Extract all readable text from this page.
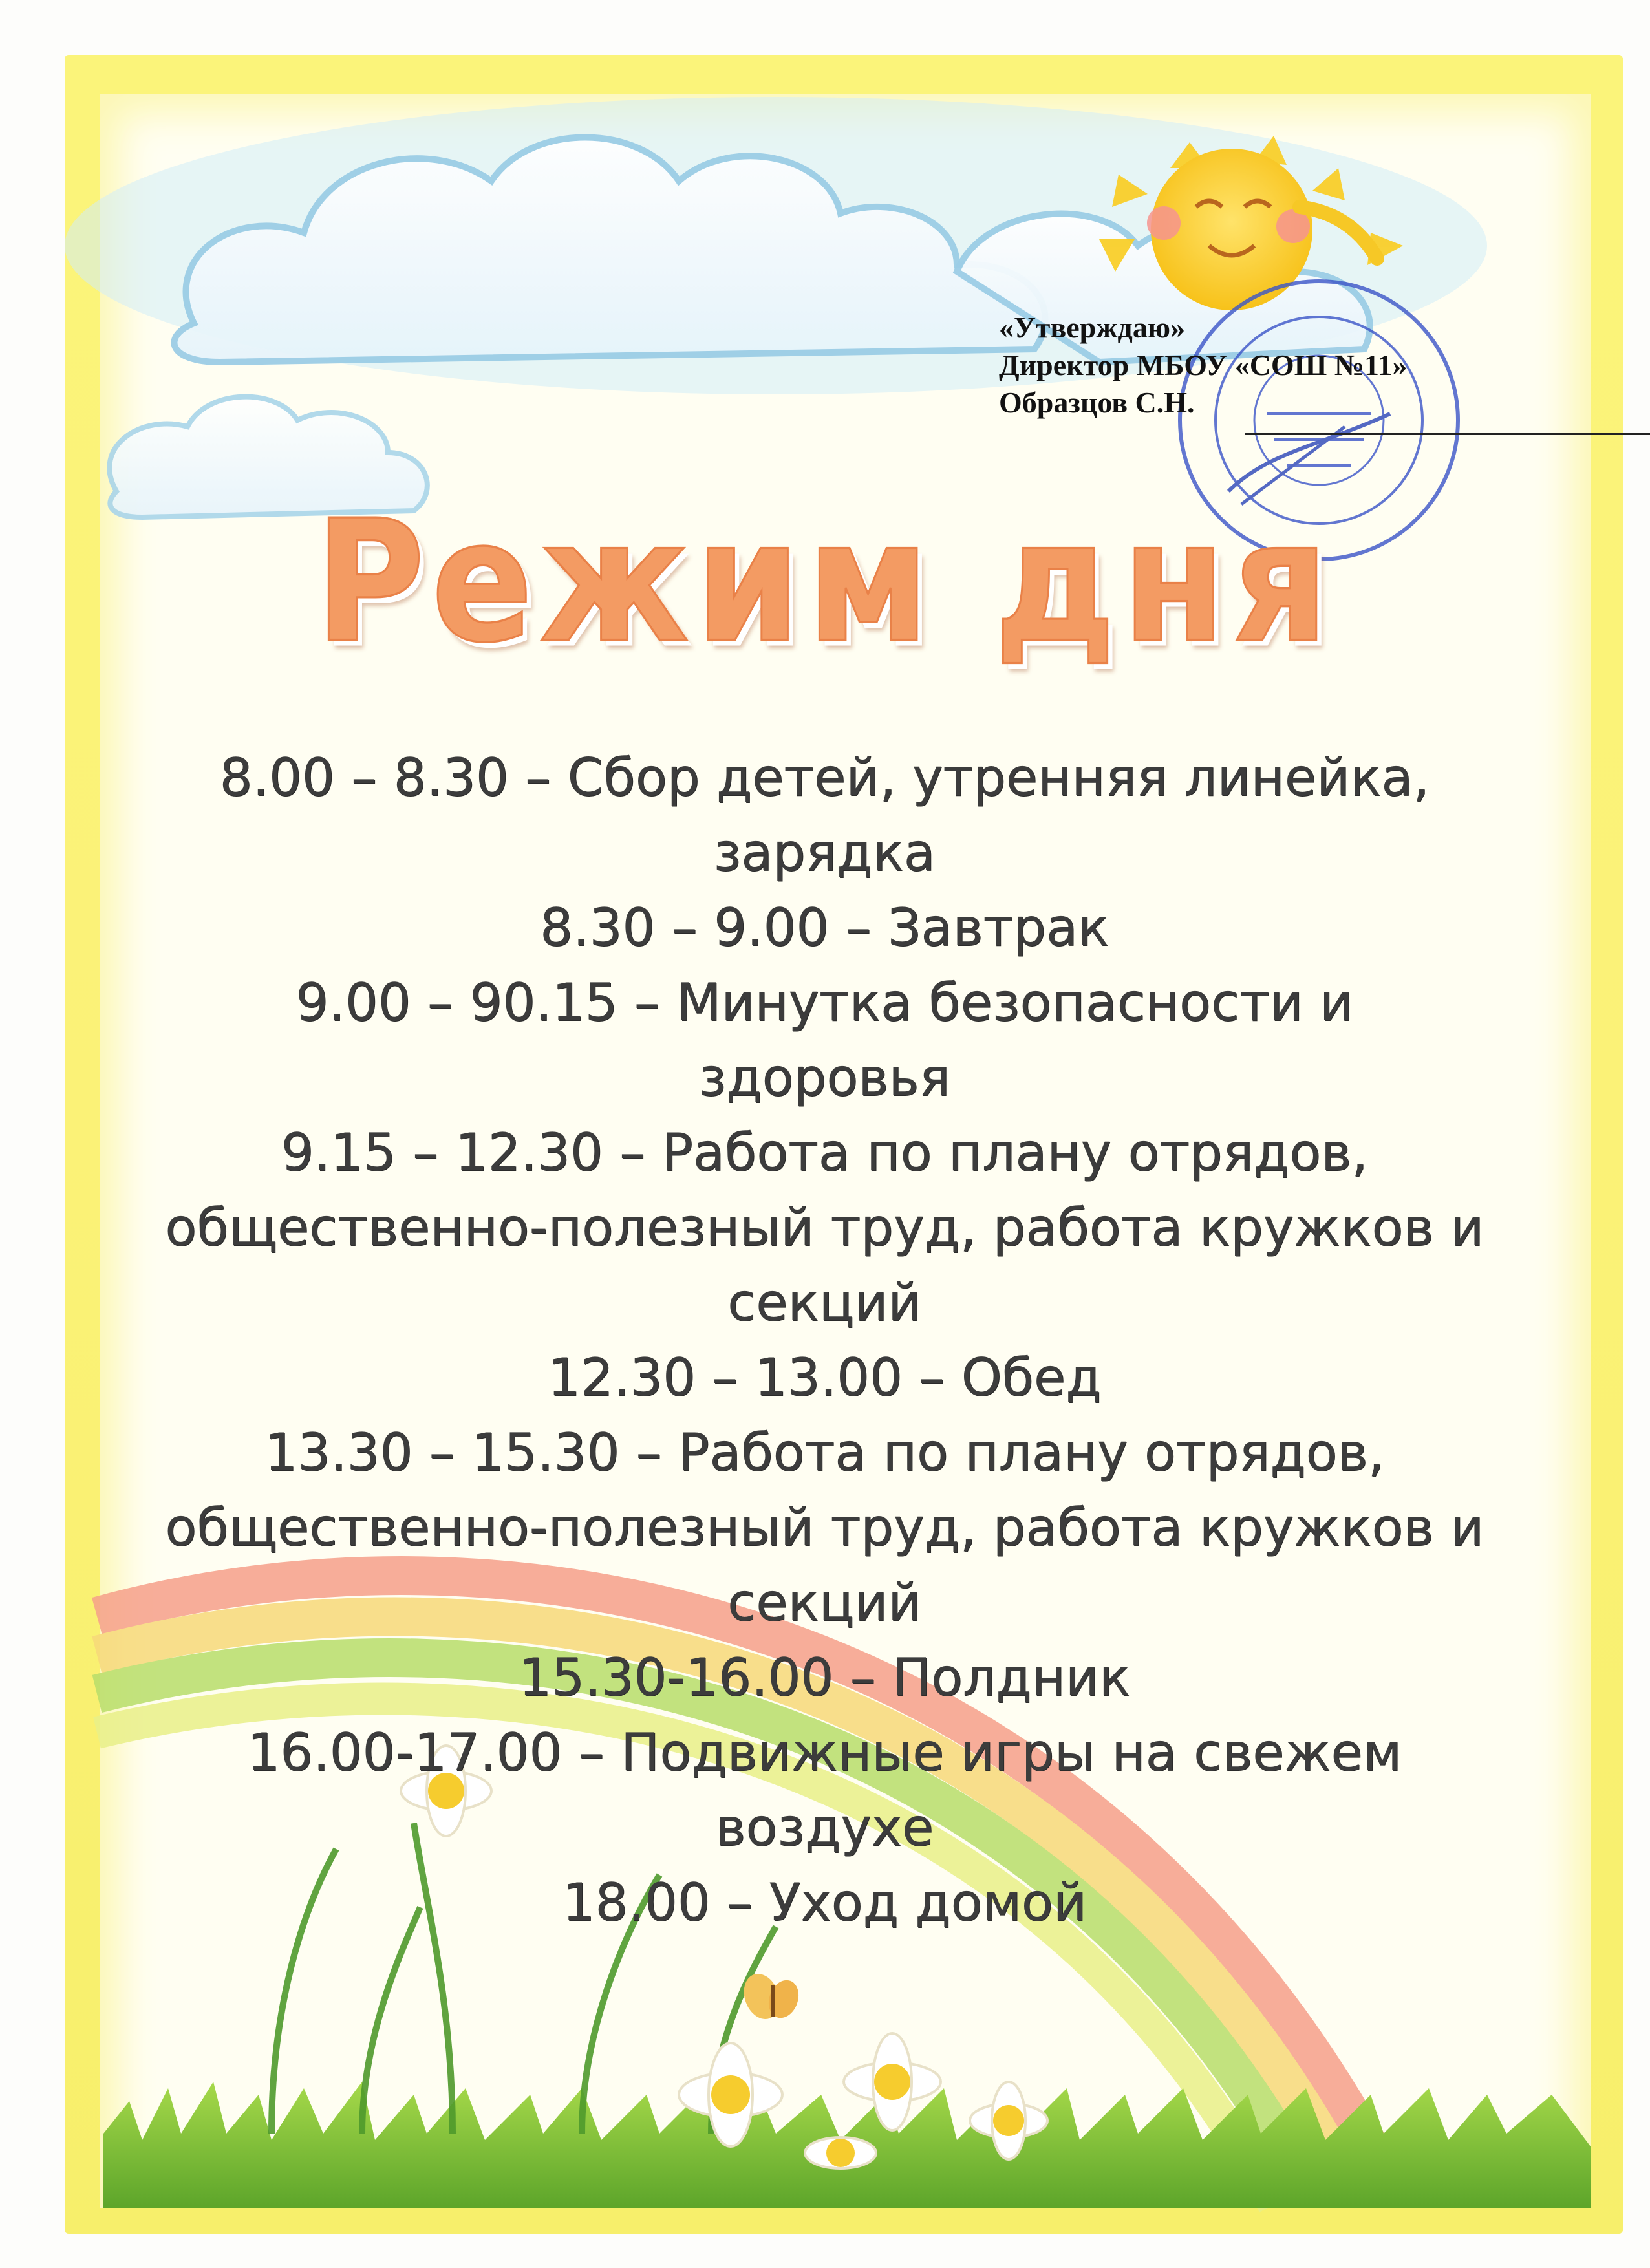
«Утверждаю»
Директор МБОУ «СОШ №11»
Образцов С.Н.
Режим дня
8.00 – 8.30 – Сбор детей, утренняя линейка,
зарядка
8.30 – 9.00 – Завтрак
9.00 – 90.15 – Минутка безопасности и
здоровья
9.15 – 12.30 – Работа по плану отрядов,
общественно-полезный труд, работа кружков и
секций
12.30 – 13.00 – Обед
13.30 – 15.30 – Работа по плану отрядов,
общественно-полезный труд, работа кружков и
секций
15.30-16.00 – Полдник
16.00-17.00 – Подвижные игры на свежем
воздухе
18.00 – Уход домой
